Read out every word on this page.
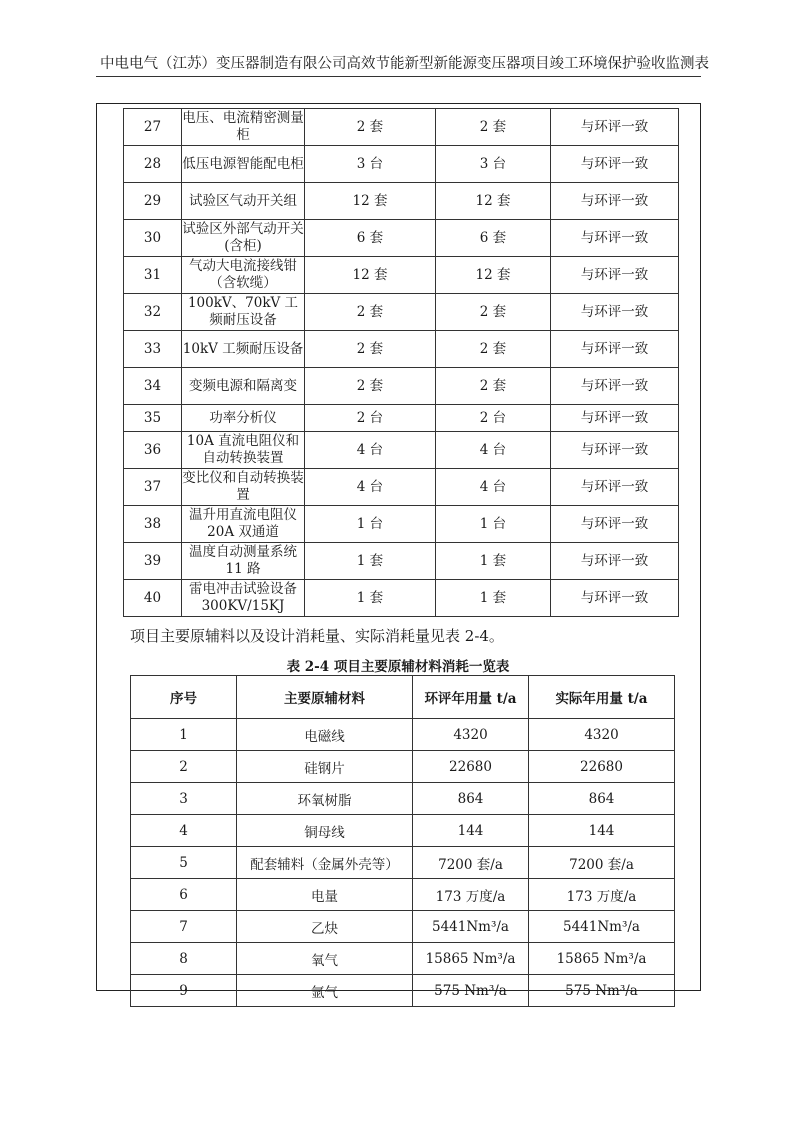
中电电气（江苏）变压器制造有限公司高效节能新型新能源变压器项目竣工环境保护验收监测表
27	电压、电流精密测量柜	2 套	2 套	与环评一致
28	低压电源智能配电柜	3 台	3 台	与环评一致
29	试验区气动开关组	12 套	12 套	与环评一致
30	试验区外部气动开关(含柜)	6 套	6 套	与环评一致
31	气动大电流接线钳（含软缆）	12 套	12 套	与环评一致
32	100kV、70kV 工频耐压设备	2 套	2 套	与环评一致
33	10kV 工频耐压设备	2 套	2 套	与环评一致
34	变频电源和隔离变	2 套	2 套	与环评一致
35	功率分析仪	2 台	2 台	与环评一致
36	10A 直流电阻仪和自动转换装置	4 台	4 台	与环评一致
37	变比仪和自动转换装置	4 台	4 台	与环评一致
38	温升用直流电阻仪 20A 双通道	1 台	1 台	与环评一致
39	温度自动测量系统 11 路	1 套	1 套	与环评一致
40	雷电冲击试验设备 300KV/15KJ	1 套	1 套	与环评一致
项目主要原辅料以及设计消耗量、实际消耗量见表 2-4。
表 2-4 项目主要原辅材料消耗一览表
序号	主要原辅材料	环评年用量 t/a	实际年用量 t/a
1	电磁线	4320	4320
2	硅钢片	22680	22680
3	环氧树脂	864	864
4	铜母线	144	144
5	配套辅料（金属外壳等）	7200 套/a	7200 套/a
6	电量	173 万度/a	173 万度/a
7	乙炔	5441Nm³/a	5441Nm³/a
8	氧气	15865 Nm³/a	15865 Nm³/a
9	氩气	575 Nm³/a	575 Nm³/a
